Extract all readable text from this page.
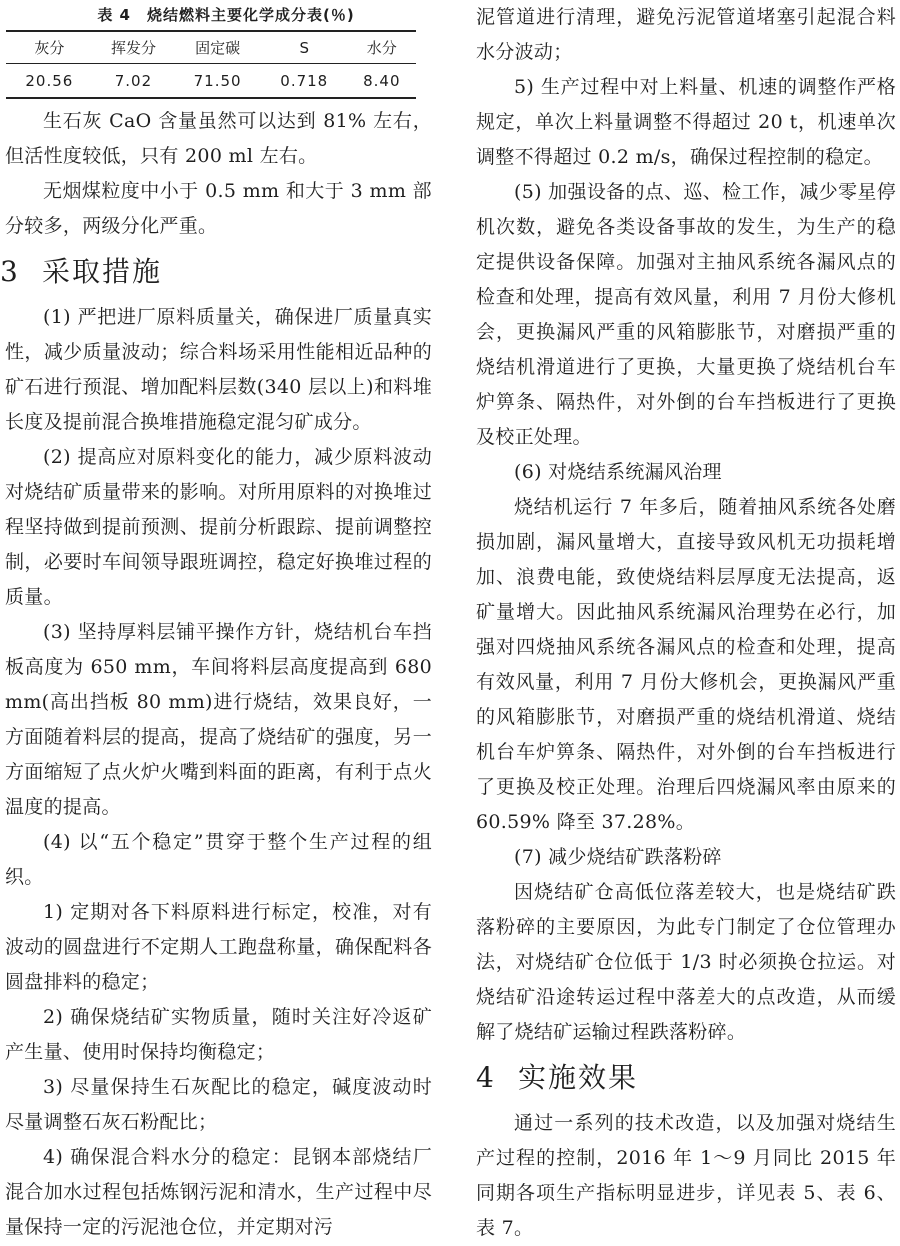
表 4　烧结燃料主要化学成分表(％)
灰分	挥发分	固定碳	S	水分
20.56	7.02	71.50	0.718	8.40

生石灰 CaO 含量虽然可以达到 81% 左右，但活性度较低，只有 200 ml 左右。

无烟煤粒度中小于 0.5 mm 和大于 3 mm 部分较多，两级分化严重。

3 采取措施

(1) 严把进厂原料质量关，确保进厂质量真实性，减少质量波动；综合料场采用性能相近品种的矿石进行预混、增加配料层数(340 层以上)和料堆长度及提前混合换堆措施稳定混匀矿成分。

(2) 提高应对原料变化的能力，减少原料波动对烧结矿质量带来的影响。对所用原料的对换堆过程坚持做到提前预测、提前分析跟踪、提前调整控制，必要时车间领导跟班调控，稳定好换堆过程的质量。

(3) 坚持厚料层铺平操作方针，烧结机台车挡板高度为 650 mm，车间将料层高度提高到 680 mm(高出挡板 80 mm)进行烧结，效果良好，一方面随着料层的提高，提高了烧结矿的强度，另一方面缩短了点火炉火嘴到料面的距离，有利于点火温度的提高。

(4) 以“五个稳定”贯穿于整个生产过程的组织。

1) 定期对各下料原料进行标定，校准，对有波动的圆盘进行不定期人工跑盘称量，确保配料各圆盘排料的稳定；

2) 确保烧结矿实物质量，随时关注好冷返矿产生量、使用时保持均衡稳定；

3) 尽量保持生石灰配比的稳定，碱度波动时尽量调整石灰石粉配比；

4) 确保混合料水分的稳定：昆钢本部烧结厂混合加水过程包括炼钢污泥和清水，生产过程中尽量保持一定的污泥池仓位，并定期对污

泥管道进行清理，避免污泥管道堵塞引起混合料水分波动；

5) 生产过程中对上料量、机速的调整作严格规定，单次上料量调整不得超过 20 t，机速单次调整不得超过 0.2 m/s，确保过程控制的稳定。

(5) 加强设备的点、巡、检工作，减少零星停机次数，避免各类设备事故的发生，为生产的稳定提供设备保障。加强对主抽风系统各漏风点的检查和处理，提高有效风量，利用 7 月份大修机会，更换漏风严重的风箱膨胀节，对磨损严重的烧结机滑道进行了更换，大量更换了烧结机台车炉箅条、隔热件，对外倒的台车挡板进行了更换及校正处理。

(6) 对烧结系统漏风治理

烧结机运行 7 年多后，随着抽风系统各处磨损加剧，漏风量增大，直接导致风机无功损耗增加、浪费电能，致使烧结料层厚度无法提高，返矿量增大。因此抽风系统漏风治理势在必行，加强对四烧抽风系统各漏风点的检查和处理，提高有效风量，利用 7 月份大修机会，更换漏风严重的风箱膨胀节，对磨损严重的烧结机滑道、烧结机台车炉箅条、隔热件，对外倒的台车挡板进行了更换及校正处理。治理后四烧漏风率由原来的 60.59% 降至 37.28%。

(7) 减少烧结矿跌落粉碎

因烧结矿仓高低位落差较大，也是烧结矿跌落粉碎的主要原因，为此专门制定了仓位管理办法，对烧结矿仓位低于 1/3 时必须换仓拉运。对烧结矿沿途转运过程中落差大的点改造，从而缓解了烧结矿运输过程跌落粉碎。

4 实施效果

通过一系列的技术改造，以及加强对烧结生产过程的控制，2016 年 1～9 月同比 2015 年同期各项生产指标明显进步，详见表 5、表 6、表 7。
